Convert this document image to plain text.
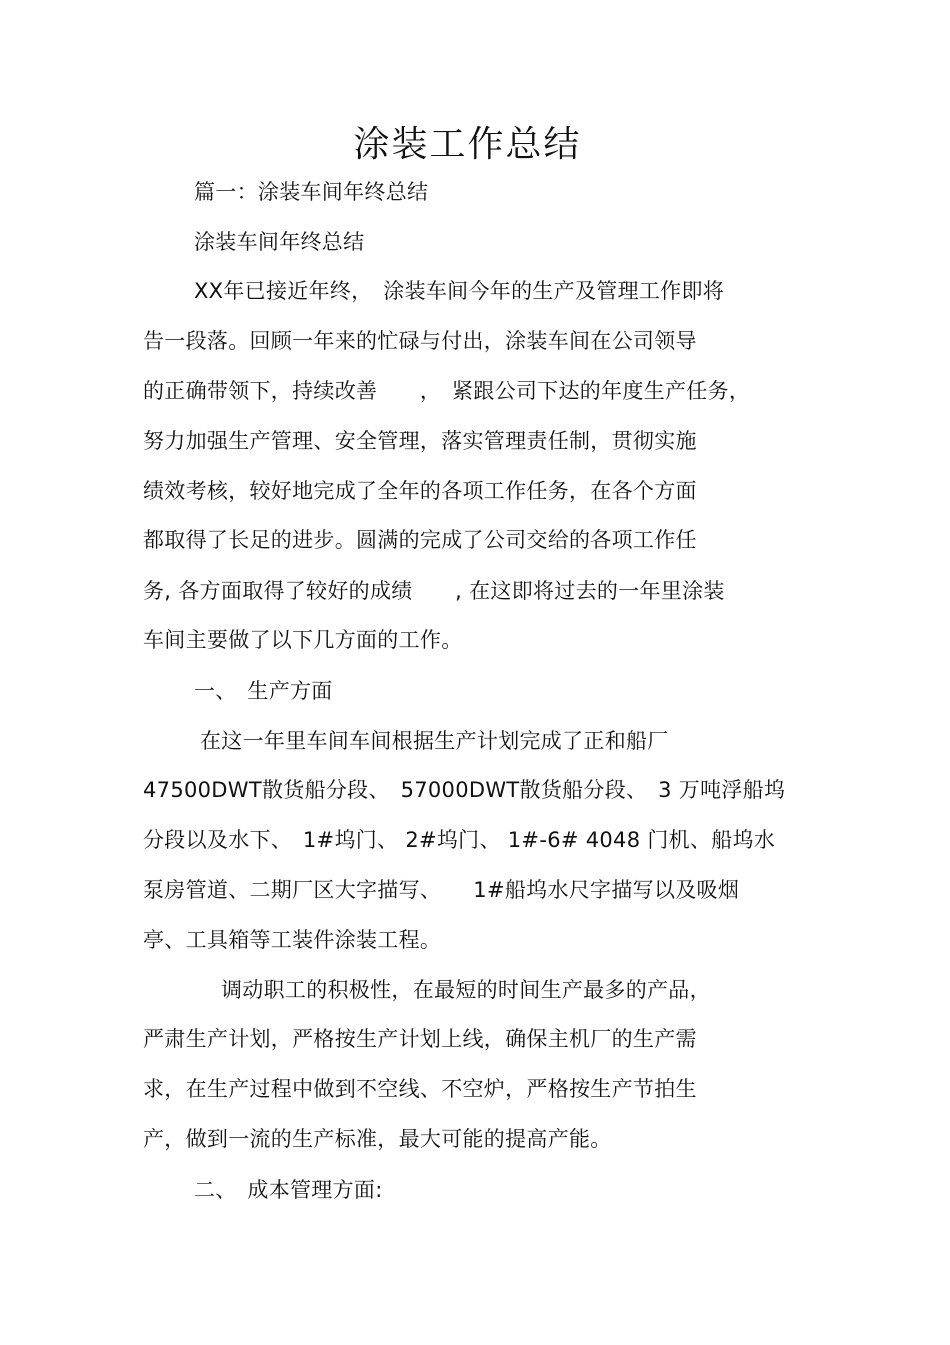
涂装工作总结
篇一：涂装车间年终总结
涂装车间年终总结
XX年已接近年终，　涂装车间今年的生产及管理工作即将
告一段落。回顾一年来的忙碌与付出，涂装车间在公司领导
的正确带领下，持续改善　　，　紧跟公司下达的年度生产任务，
努力加强生产管理、安全管理，落实管理责任制，贯彻实施
绩效考核，较好地完成了全年的各项工作任务，在各个方面
都取得了长足的进步。圆满的完成了公司交给的各项工作任
务, 各方面取得了较好的成绩　　, 在这即将过去的一年里涂装
车间主要做了以下几方面的工作。
一、　生产方面
在这一年里车间车间根据生产计划完成了正和船厂
47500DWT散货船分段、　57000DWT散货船分段、　3 万吨浮船坞
分段以及水下、　1#坞门、 2#坞门、 1#-6# 4048 门机、船坞水
泵房管道、二期厂区大字描写、　　1#船坞水尺字描写以及吸烟
亭、工具箱等工装件涂装工程。
调动职工的积极性，在最短的时间生产最多的产品，
严肃生产计划，严格按生产计划上线，确保主机厂的生产需
求，在生产过程中做到不空线、不空炉，严格按生产节拍生
产，做到一流的生产标准，最大可能的提高产能。
二、　成本管理方面:
